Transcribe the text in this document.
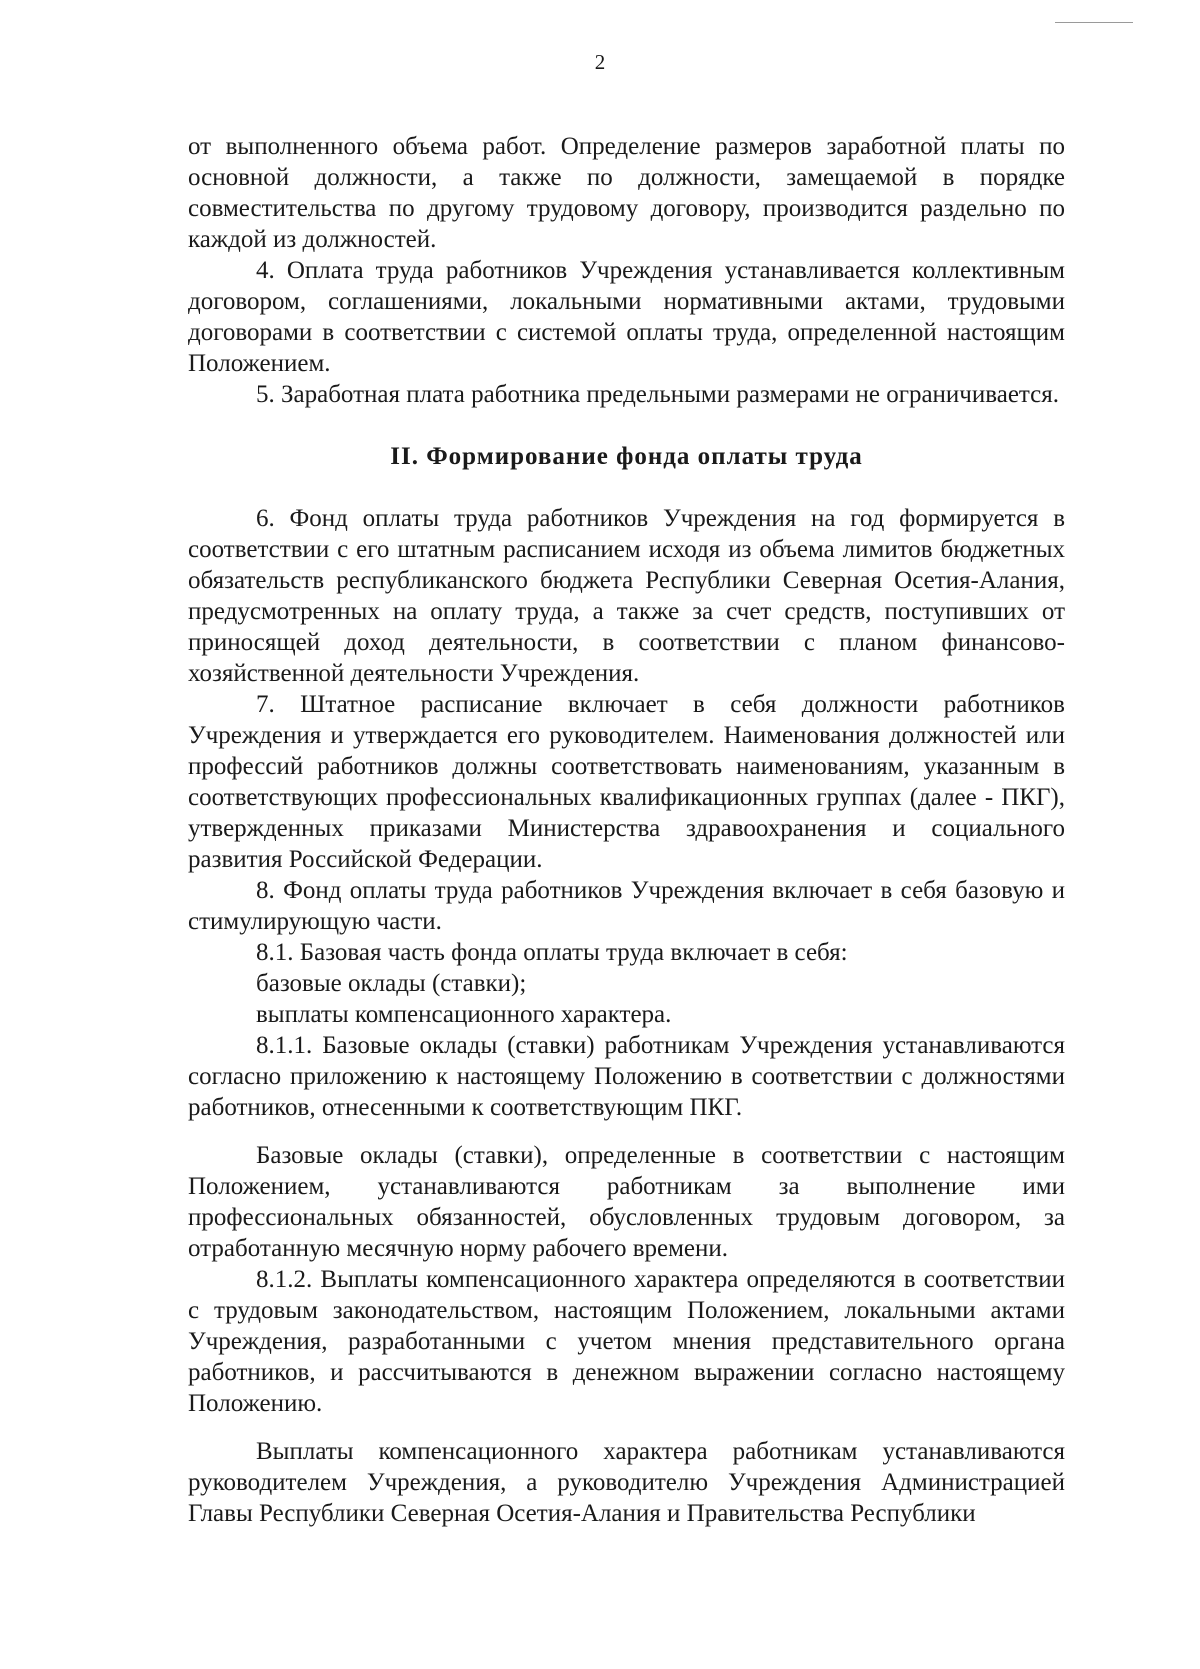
2

от выполненного объема работ. Определение размеров заработной платы по основной должности, а также по должности, замещаемой в порядке совместительства по другому трудовому договору, производится раздельно по каждой из должностей.

4. Оплата труда работников Учреждения устанавливается коллективным договором, соглашениями, локальными нормативными актами, трудовыми договорами в соответствии с системой оплаты труда, определенной настоящим Положением.

5. Заработная плата работника предельными размерами не ограничивается.

II. Формирование фонда оплаты труда

6. Фонд оплаты труда работников Учреждения на год формируется в соответствии с его штатным расписанием исходя из объема лимитов бюджетных обязательств республиканского бюджета Республики Северная Осетия-Алания, предусмотренных на оплату труда, а также за счет средств, поступивших от приносящей доход деятельности, в соответствии с планом финансово-хозяйственной деятельности Учреждения.

7. Штатное расписание включает в себя должности работников Учреждения и утверждается его руководителем. Наименования должностей или профессий работников должны соответствовать наименованиям, указанным в соответствующих профессиональных квалификационных группах (далее - ПКГ), утвержденных приказами Министерства здравоохранения и социального развития Российской Федерации.

8. Фонд оплаты труда работников Учреждения включает в себя базовую и стимулирующую части.

8.1. Базовая часть фонда оплаты труда включает в себя:

базовые оклады (ставки);

выплаты компенсационного характера.

8.1.1. Базовые оклады (ставки) работникам Учреждения устанавливаются согласно приложению к настоящему Положению в соответствии с должностями работников, отнесенными к соответствующим ПКГ.

Базовые оклады (ставки), определенные в соответствии с настоящим Положением, устанавливаются работникам за выполнение ими профессиональных обязанностей, обусловленных трудовым договором, за отработанную месячную норму рабочего времени.

8.1.2. Выплаты компенсационного характера определяются в соответствии с трудовым законодательством, настоящим Положением, локальными актами Учреждения, разработанными с учетом мнения представительного органа работников, и рассчитываются в денежном выражении согласно настоящему Положению.

Выплаты компенсационного характера работникам устанавливаются руководителем Учреждения, а руководителю Учреждения Администрацией Главы Республики Северная Осетия-Алания и Правительства Республики
